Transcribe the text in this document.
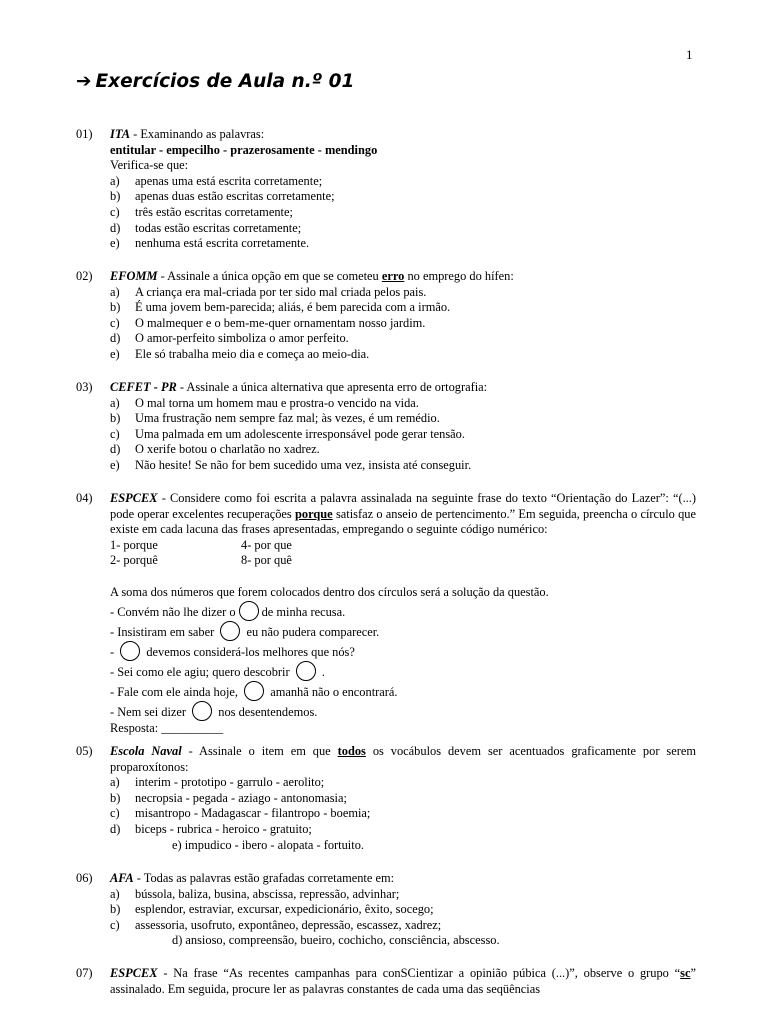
1
➔ Exercícios de Aula n.º 01
01) ITA - Examinando as palavras:
entitular - empecilho - prazerosamente - mendingo
Verifica-se que:
a) apenas uma está escrita corretamente;
b) apenas duas estão escritas corretamente;
c) três estão escritas corretamente;
d) todas estão escritas corretamente;
e) nenhuma está escrita corretamente.
02) EFOMM - Assinale a única opção em que se cometeu erro no emprego do hífen:
a) A criança era mal-criada por ter sido mal criada pelos pais.
b) É uma jovem bem-parecida; aliás, é bem parecida com a irmão.
c) O malmequer e o bem-me-quer ornamentam nosso jardim.
d) O amor-perfeito simboliza o amor perfeito.
e) Ele só trabalha meio dia e começa ao meio-dia.
03) CEFET - PR - Assinale a única alternativa que apresenta erro de ortografia:
a) O mal torna um homem mau e prostra-o vencido na vida.
b) Uma frustração nem sempre faz mal; às vezes, é um remédio.
c) Uma palmada em um adolescente irresponsável pode gerar tensão.
d) O xerife botou o charlatão no xadrez.
e) Não hesite! Se não for bem sucedido uma vez, insista até conseguir.
04) ESPCEX - Considere como foi escrita a palavra assinalada na seguinte frase do texto “Orientação do Lazer”: “(...) pode operar excelentes recuperações porque satisfaz o anseio de pertencimento.” Em seguida, preencha o círculo que existe em cada lacuna das frases apresentadas, empregando o seguinte código numérico:
1- porque	4- por que
2- porquê	8- por quê
A soma dos números que forem colocados dentro dos círculos será a solução da questão.
- Convém não lhe dizer o de minha recusa.
- Insistiram em saber	eu não pudera comparecer.
-	devemos considerá-los melhores que nós?
- Sei como ele agiu; quero descobrir	.
- Fale com ele ainda hoje,	amanhã não o encontrará.
- Nem sei dizer	nos desentendemos.
Resposta: __________
05) Escola Naval - Assinale o item em que todos os vocábulos devem ser acentuados graficamente por serem proparoxítonos:
a) interim - prototipo - garrulo - aerolito;
b) necropsia - pegada - aziago - antonomasia;
c) misantropo - Madagascar - filantropo - boemia;
d) biceps - rubrica - heroico - gratuito;
e) impudico - ibero - alopata - fortuito.
06) AFA - Todas as palavras estão grafadas corretamente em:
a) bússola, baliza, busina, abscissa, repressão, advinhar;
b) esplendor, estraviar, excursar, expedicionário, êxito, socego;
c) assessoria, usofruto, expontâneo, depressão, escassez, xadrez;
d) ansioso, compreensão, bueiro, cochicho, consciência, abscesso.
07) ESPCEX - Na frase “As recentes campanhas para conSCientizar a opinião púbica (...)”, observe o grupo “sc” assinalado. Em seguida, procure ler as palavras constantes de cada uma das seqüências
